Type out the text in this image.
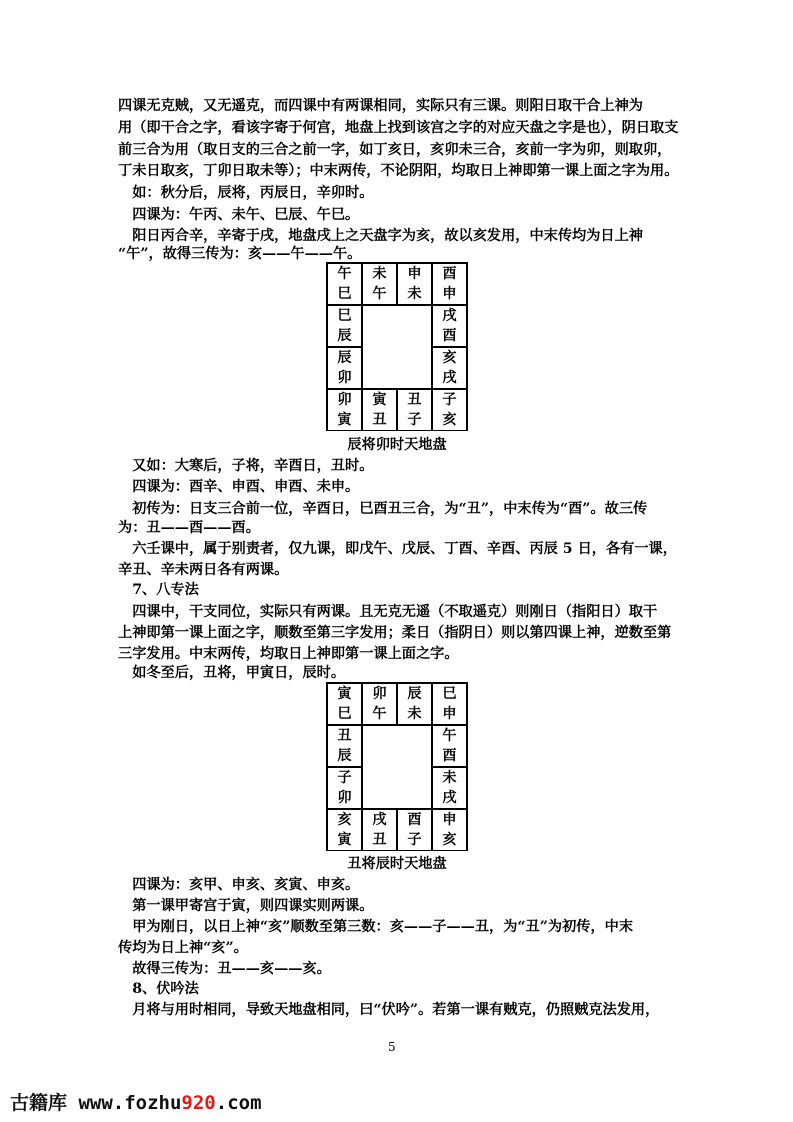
四课无克贼，又无遥克，而四课中有两课相同，实际只有三课。则阳日取干合上神为
用（即干合之字，看该字寄于何宫，地盘上找到该宫之字的对应天盘之字是也），阴日取支
前三合为用（取日支的三合之前一字，如丁亥日，亥卯未三合，亥前一字为卯，则取卯，
丁未日取亥，丁卯日取未等）；中末两传，不论阴阳，均取日上神即第一课上面之字为用。
　如：秋分后，辰将，丙辰日，辛卯时。
　四课为：午丙、未午、巳辰、午巳。
　阳日丙合辛，辛寄于戌，地盘戌上之天盘字为亥，故以亥发用，中末传均为日上神
“午”，故得三传为：亥——午——午。
午
巳
未
午
申
未
酉
申
巳
辰
戌
酉
辰
卯
亥
戌
卯
寅
寅
丑
丑
子
子
亥
辰将卯时天地盘
　又如：大寒后，子将，辛酉日，丑时。
　四课为：酉辛、申酉、申酉、未申。
　初传为：日支三合前一位，辛酉日，巳酉丑三合，为“丑”，中末传为“酉”。故三传
为：丑——酉——酉。
　六壬课中，属于别责者，仅九课，即戊午、戊辰、丁酉、辛酉、丙辰 5 日，各有一课，
辛丑、辛未两日各有两课。
　7、八专法
　四课中，干支同位，实际只有两课。且无克无遥（不取遥克）则刚日（指阳日）取干
上神即第一课上面之字，顺数至第三字发用；柔日（指阴日）则以第四课上神，逆数至第
三字发用。中末两传，均取日上神即第一课上面之字。
　如冬至后，丑将，甲寅日，辰时。
寅
巳
卯
午
辰
未
巳
申
丑
辰
午
酉
子
卯
未
戌
亥
寅
戌
丑
酉
子
申
亥
丑将辰时天地盘
　四课为：亥甲、申亥、亥寅、申亥。
　第一课甲寄宫于寅，则四课实则两课。
　甲为刚日，以日上神“亥”顺数至第三数：亥——子——丑，为“丑”为初传，中末
传均为日上神“亥”。
　故得三传为：丑——亥——亥。
　8、伏吟法
　月将与用时相同，导致天地盘相同，曰“伏吟”。若第一课有贼克，仍照贼克法发用，
5
古籍库 www.fozhu920.com
